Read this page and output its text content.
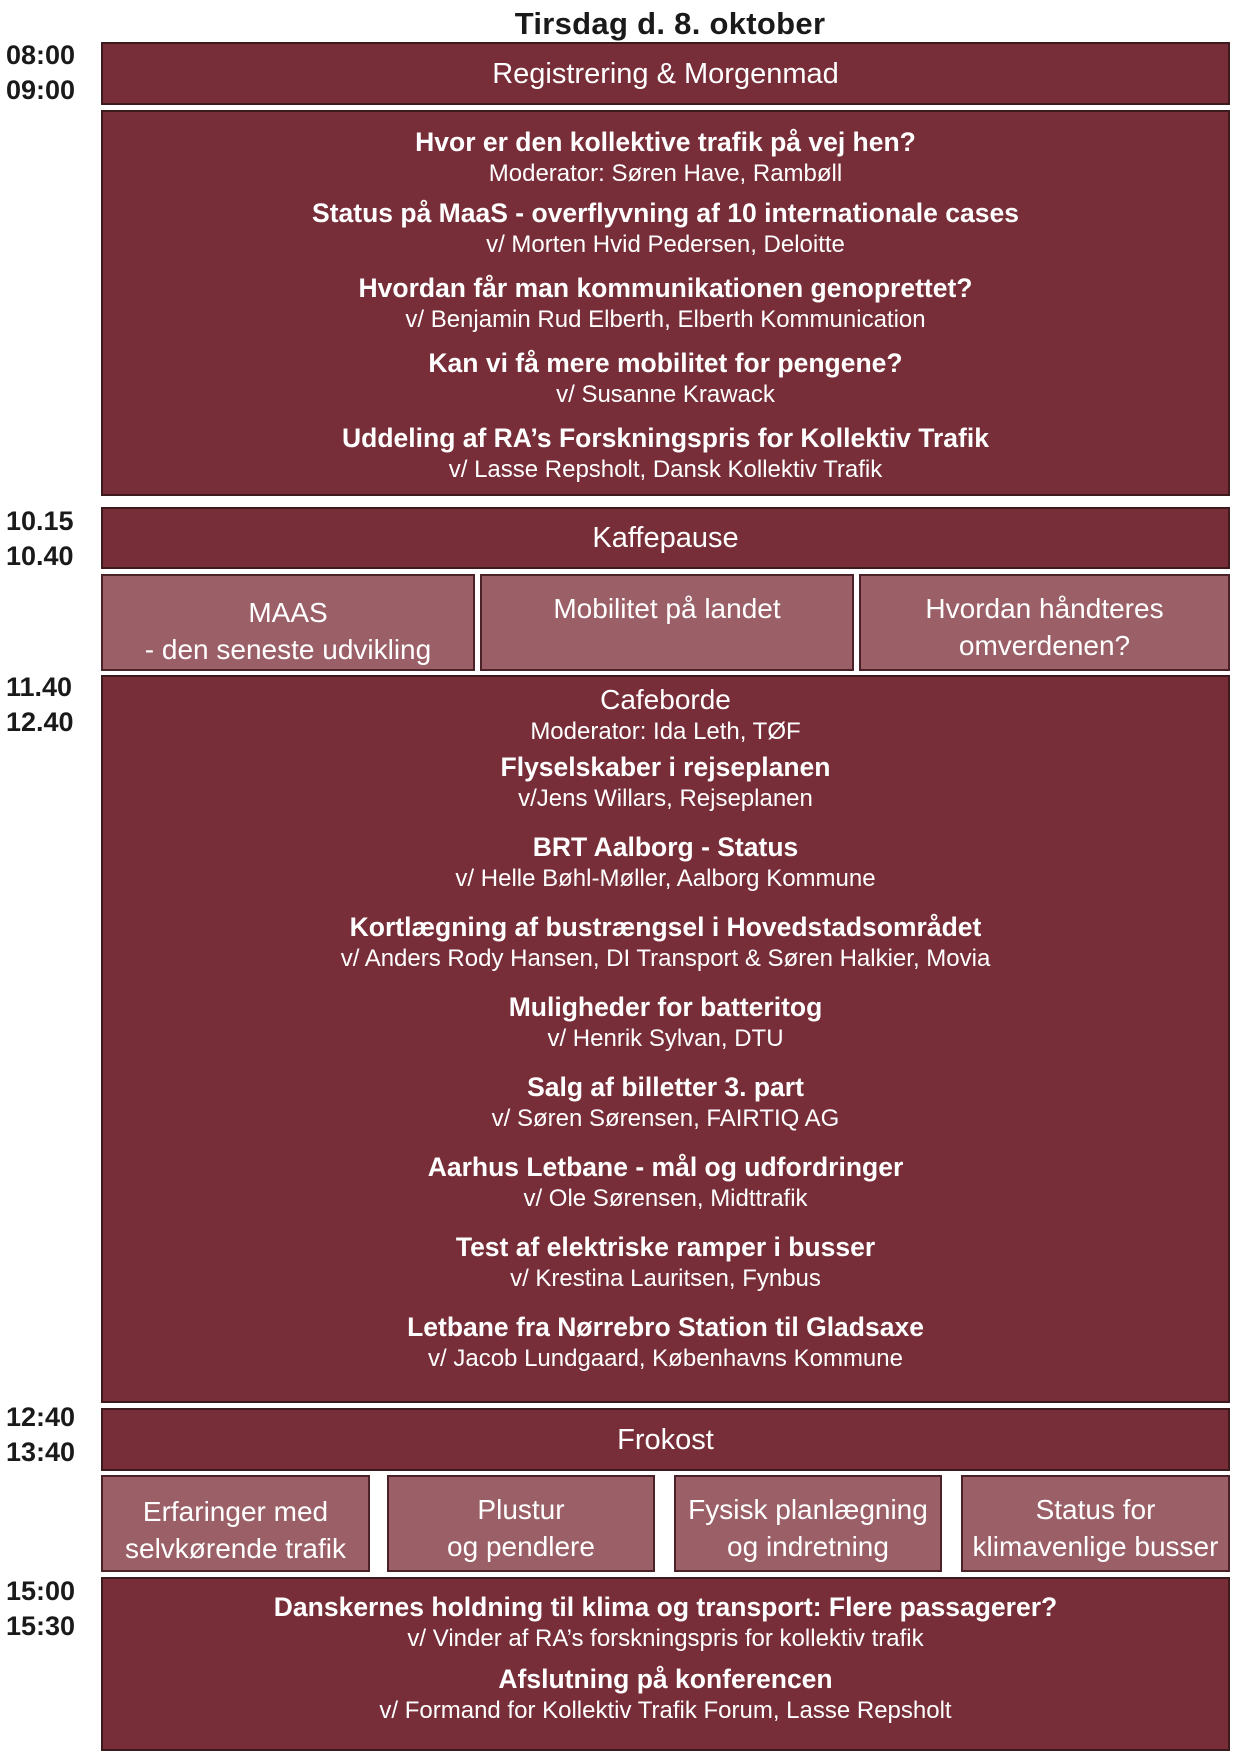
Tirsdag d. 8. oktober
08:00
09:00
10.15
10.40
11.40
12.40
12:40
13:40
15:00
15:30
Registrering & Morgenmad
Hvor er den kollektive trafik på vej hen?
Moderator: Søren Have, Rambøll
Status på MaaS - overflyvning af 10 internationale cases
v/ Morten Hvid Pedersen, Deloitte
Hvordan får man kommunikationen genoprettet?
v/ Benjamin Rud Elberth, Elberth Kommunication
Kan vi få mere mobilitet for pengene?
v/ Susanne Krawack
Uddeling af RA’s Forskningspris for Kollektiv Trafik
v/ Lasse Repsholt, Dansk Kollektiv Trafik
Kaffepause
MAAS
- den seneste udvikling
Mobilitet på landet	Hvordan håndteres
omverdenen?
Cafeborde
Moderator: Ida Leth, TØF
Flyselskaber i rejseplanen
v/Jens Willars, Rejseplanen
BRT Aalborg - Status
v/ Helle Bøhl-Møller, Aalborg Kommune
Kortlægning af bustrængsel i Hovedstadsområdet
v/ Anders Rody Hansen, DI Transport & Søren Halkier, Movia
Muligheder for batteritog
v/ Henrik Sylvan, DTU
Salg af billetter 3. part
v/ Søren Sørensen, FAIRTIQ AG
Aarhus Letbane - mål og udfordringer
v/ Ole Sørensen, Midttrafik
Test af elektriske ramper i busser
v/ Krestina Lauritsen, Fynbus
Letbane fra Nørrebro Station til Gladsaxe
v/ Jacob Lundgaard, Københavns Kommune
Frokost
Erfaringer med
selvkørende trafik
Plustur
og pendlere
Fysisk planlægning
og indretning
Status for
klimavenlige busser
Danskernes holdning til klima og transport: Flere passagerer?
v/ Vinder af RA’s forskningspris for kollektiv trafik
Afslutning på konferencen
v/ Formand for Kollektiv Trafik Forum, Lasse Repsholt
